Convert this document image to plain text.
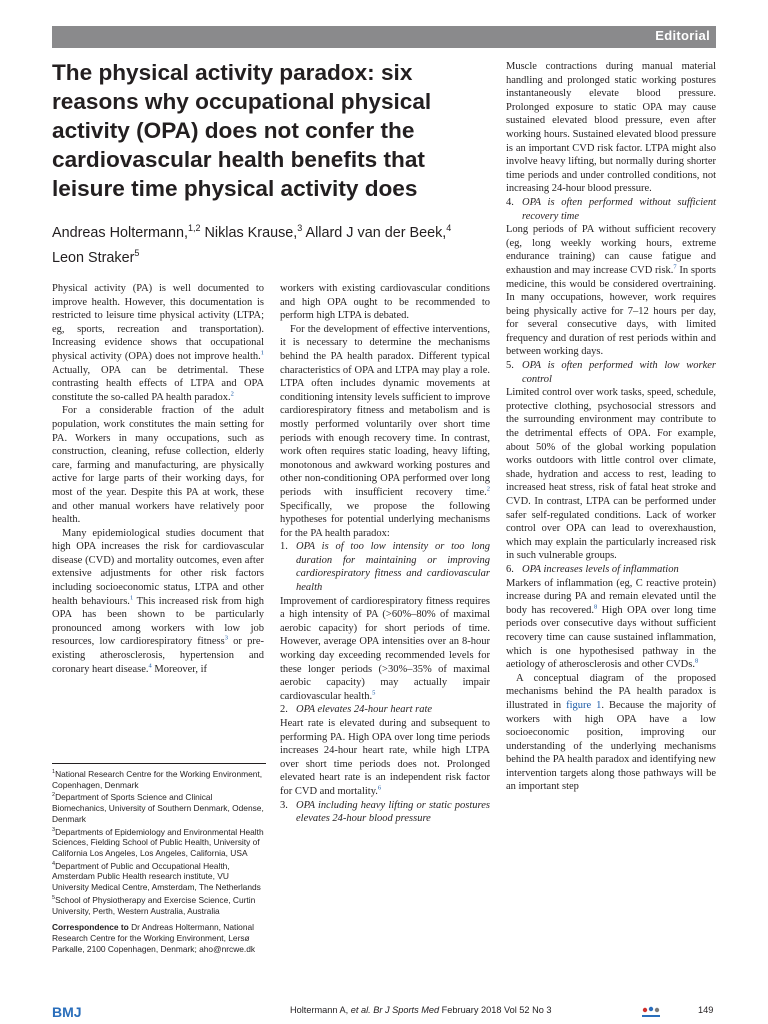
Editorial
The physical activity paradox: six reasons why occupational physical activity (OPA) does not confer the cardiovascular health benefits that leisure time physical activity does
Andreas Holtermann,$^{1,2}$ Niklas Krause,$^3$ Allard J van der Beek,$^4$
Leon Straker$^5$

Physical activity (PA) is well documented to improve health. However, this documentation is restricted to leisure time physical activity (LTPA; eg, sports, recreation and transportation). Increasing evidence shows that occupational physical activity (OPA) does not improve health.$^1$ Actually, OPA can be detrimental. These contrasting health effects of LTPA and OPA constitute the so-called PA health paradox.$^2$

For a considerable fraction of the adult population, work constitutes the main setting for PA. Workers in many occupations, such as construction, cleaning, refuse collection, elderly care, farming and manufacturing, are physically active for large parts of their working days, for most of the year. Despite this PA at work, these and other manual workers have relatively poor health.

Many epidemiological studies document that high OPA increases the risk for cardiovascular disease (CVD) and mortality outcomes, even after extensive adjustments for other risk factors including socioeconomic status, LTPA and other health behaviours.$^1$ This increased risk from high OPA has been shown to be particularly pronounced among workers with low job resources, low cardiorespiratory fitness$^3$ or pre-existing atherosclerosis, hypertension and coronary heart disease.$^4$ Moreover, if

$^1$National Research Centre for the Working Environment, Copenhagen, Denmark

$^2$Department of Sports Science and Clinical Biomechanics, University of Southern Denmark, Odense, Denmark

$^3$Departments of Epidemiology and Environmental Health Sciences, Fielding School of Public Health, University of California Los Angeles, Los Angeles, California, USA

$^4$Department of Public and Occupational Health, Amsterdam Public Health research institute, VU University Medical Centre, Amsterdam, The Netherlands

$^5$School of Physiotherapy and Exercise Science, Curtin University, Perth, Western Australia, Australia

Correspondence to Dr Andreas Holtermann, National Research Centre for the Working Environment, Lersø Parkalle, 2100 Copenhagen, Denmark; aho@nrcwe.dk

workers with existing cardiovascular conditions and high OPA ought to be recommended to perform high LTPA is debated.

For the development of effective interventions, it is necessary to determine the mechanisms behind the PA health paradox. Different typical characteristics of OPA and LTPA may play a role. LTPA often includes dynamic movements at conditioning intensity levels sufficient to improve cardiorespiratory fitness and metabolism and is mostly performed voluntarily over short time periods with enough recovery time. In contrast, work often requires static loading, heavy lifting, monotonous and awkward working postures and other non-conditioning OPA performed over long periods with insufficient recovery time.$^2$ Specifically, we propose the following hypotheses for potential underlying mechanisms for the PA health paradox:

1. OPA is of too low intensity or too long duration for maintaining or improving cardiorespiratory fitness and cardiovascular health

Improvement of cardiorespiratory fitness requires a high intensity of PA (>60%–80% of maximal aerobic capacity) for short periods of time. However, average OPA intensities over an 8-hour working day exceeding recommended levels for these longer periods (>30%–35% of maximal aerobic capacity) may actually impair cardiovascular health.$^5$

2. OPA elevates 24-hour heart rate

Heart rate is elevated during and subsequent to performing PA. High OPA over long time periods increases 24-hour heart rate, while high LTPA over short time periods does not. Prolonged elevated heart rate is an independent risk factor for CVD and mortality.$^6$

3. OPA including heavy lifting or static postures elevates 24-hour blood pressure

Muscle contractions during manual material handling and prolonged static working postures instantaneously elevate blood pressure. Prolonged exposure to static OPA may cause sustained elevated blood pressure, even after working hours. Sustained elevated blood pressure is an important CVD risk factor. LTPA might also involve heavy lifting, but normally during shorter time periods and under controlled conditions, not increasing 24-hour blood pressure.

4. OPA is often performed without sufficient recovery time

Long periods of PA without sufficient recovery (eg, long weekly working hours, extreme endurance training) can cause fatigue and exhaustion and may increase CVD risk.$^7$ In sports medicine, this would be considered overtraining. In many occupations, however, work requires being physically active for 7–12 hours per day, for several consecutive days, with limited frequency and duration of rest periods within and between working days.

5. OPA is often performed with low worker control

Limited control over work tasks, speed, schedule, protective clothing, psychosocial stressors and the surrounding environment may contribute to the detrimental effects of OPA. For example, about 50% of the global working population works outdoors with little control over climate, shade, hydration and access to rest, leading to increased heat stress, risk of fatal heat stroke and CVD. In contrast, LTPA can be performed under safer self-regulated conditions. Lack of worker control over OPA can lead to overexhaustion, which may explain the particularly increased risk in such vulnerable groups.

6. OPA increases levels of inflammation

Markers of inflammation (eg, C reactive protein) increase during PA and remain elevated until the body has recovered.$^8$ High OPA over long time periods over consecutive days without sufficient recovery time can cause sustained inflammation, which is one hypothesised pathway in the aetiology of atherosclerosis and other CVDs.$^8$

A conceptual diagram of the proposed mechanisms behind the PA health paradox is illustrated in figure 1. Because the majority of workers with high OPA have a low socioeconomic position, improving our understanding of the underlying mechanisms behind the PA health paradox and identifying new intervention targets along those pathways will be an important step

BMJ	Holtermann A, et al. Br J Sports Med February 2018 Vol 52 No 3	149
